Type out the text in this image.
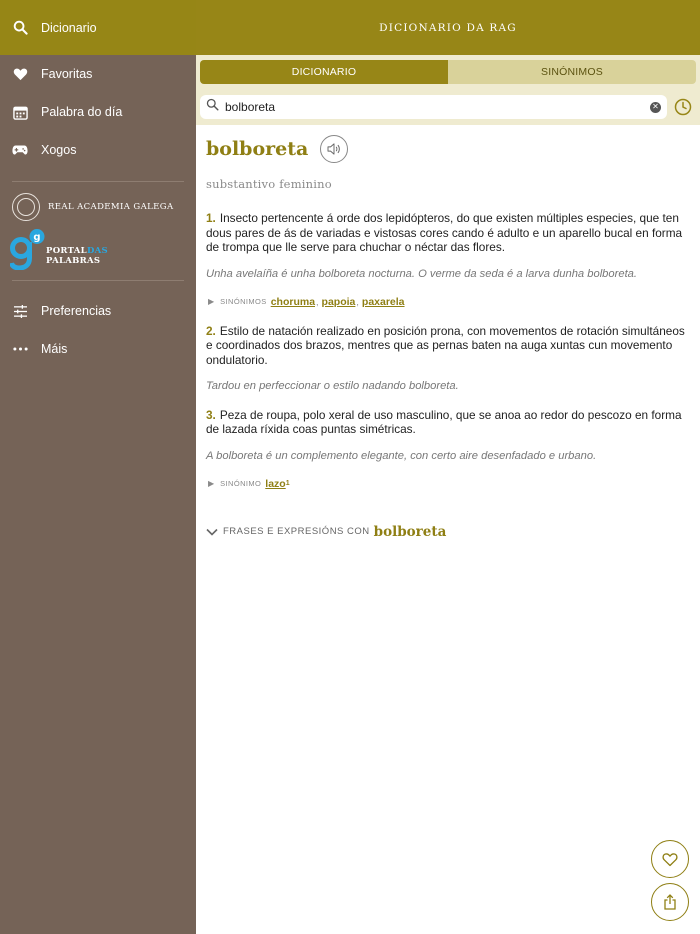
Dicionario
Favoritas
Palabra do día
Xogos
REAL ACADEMIA GALEGA
g
PORTALDAS
PALABRAS
Preferencias
Máis
DICIONARIO DA RAG
DICIONARIO	SINÓNIMOS
bolboreta
✕
bolboreta
substantivo feminino
1. Insecto pertencente á orde dos lepidópteros, do que existen múltiples especies, que ten dous pares de ás de variadas e vistosas cores cando é adulto e un aparello bucal en forma de trompa que lle serve para chuchar o néctar das flores.
Unha avelaíña é unha bolboreta nocturna. O verme da seda é a larva dunha bolboreta.
▶ SINÓNIMOS choruma , papoia , paxarela
2. Estilo de natación realizado en posición prona, con movementos de rotación simultáneos e coordinados dos brazos, mentres que as pernas baten na auga xuntas cun movemento ondulatorio.
Tardou en perfeccionar o estilo nadando bolboreta.
3. Peza de roupa, polo xeral de uso masculino, que se anoa ao redor do pescozo en forma de lazada ríxida coas puntas simétricas.
A bolboreta é un complemento elegante, con certo aire desenfadado e urbano.
▶ SINÓNIMO lazo 1
FRASES E EXPRESIÓNS CON bolboreta
